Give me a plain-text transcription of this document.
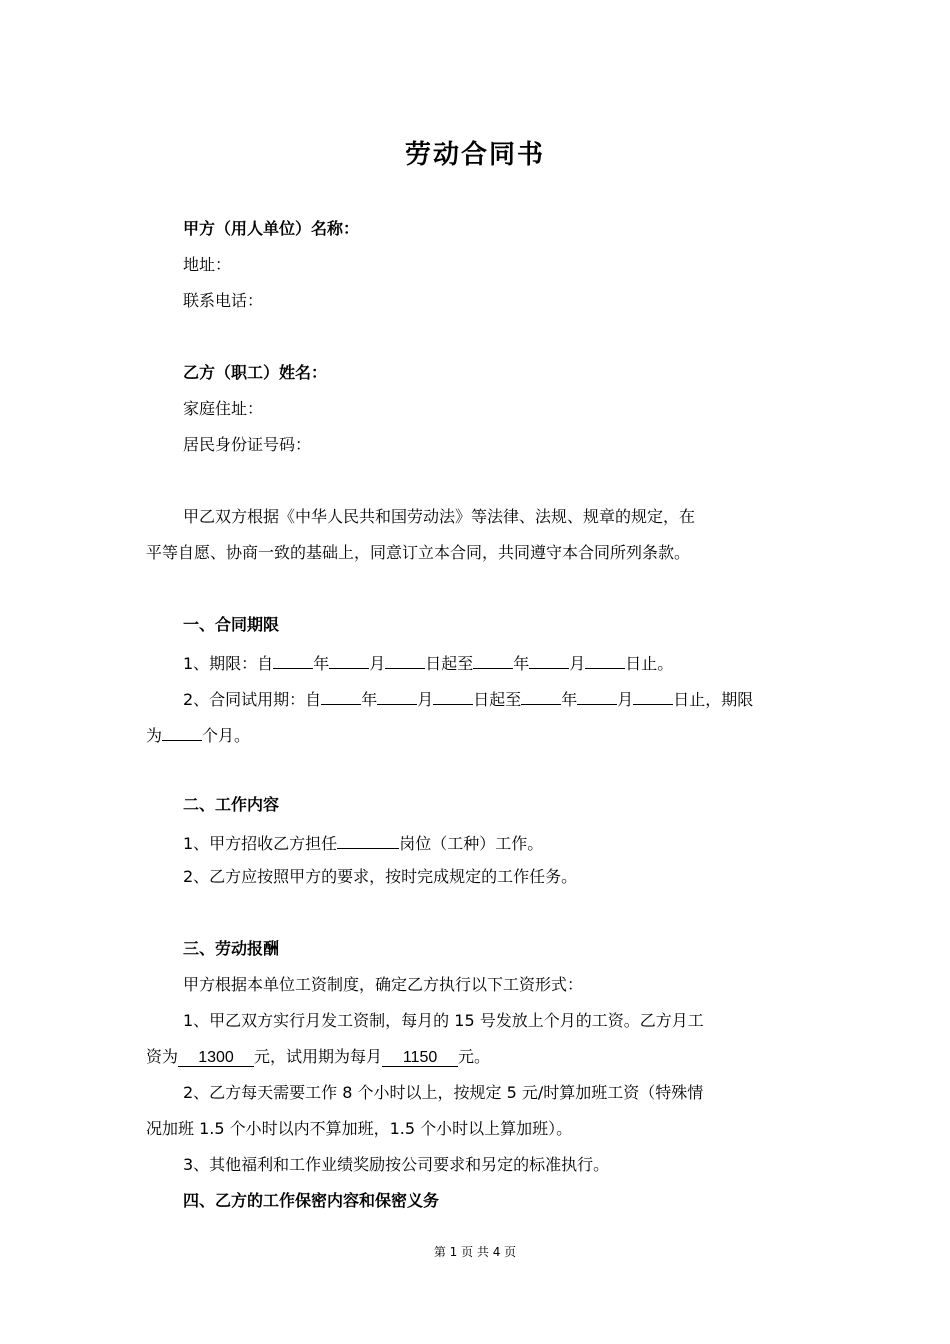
劳动合同书
甲方（用人单位）名称：
地址：
联系电话：
乙方（职工）姓名：
家庭住址：
居民身份证号码：
甲乙双方根据《中华人民共和国劳动法》等法律、法规、规章的规定，在
平等自愿、协商一致的基础上，同意订立本合同，共同遵守本合同所列条款。
一、合同期限
1、期限：自	年	月	日起至	年	月	日止。
2、合同试用期：自	年	月	日起至	年	月	日止，期限
为	个月。
二、工作内容
1、甲方招收乙方担任	岗位（工种）工作。
2、乙方应按照甲方的要求，按时完成规定的工作任务。
三、劳动报酬
甲方根据本单位工资制度，确定乙方执行以下工资形式：
1、甲乙双方实行月发工资制，每月的 15 号发放上个月的工资。乙方月工
资为 1300 元，试用期为每月 1150 元。
2、乙方每天需要工作 8 个小时以上，按规定 5 元/时算加班工资（特殊情
况加班 1.5 个小时以内不算加班，1.5 个小时以上算加班）。
3、其他福利和工作业绩奖励按公司要求和另定的标准执行。
四、乙方的工作保密内容和保密义务
第 1 页 共 4 页
